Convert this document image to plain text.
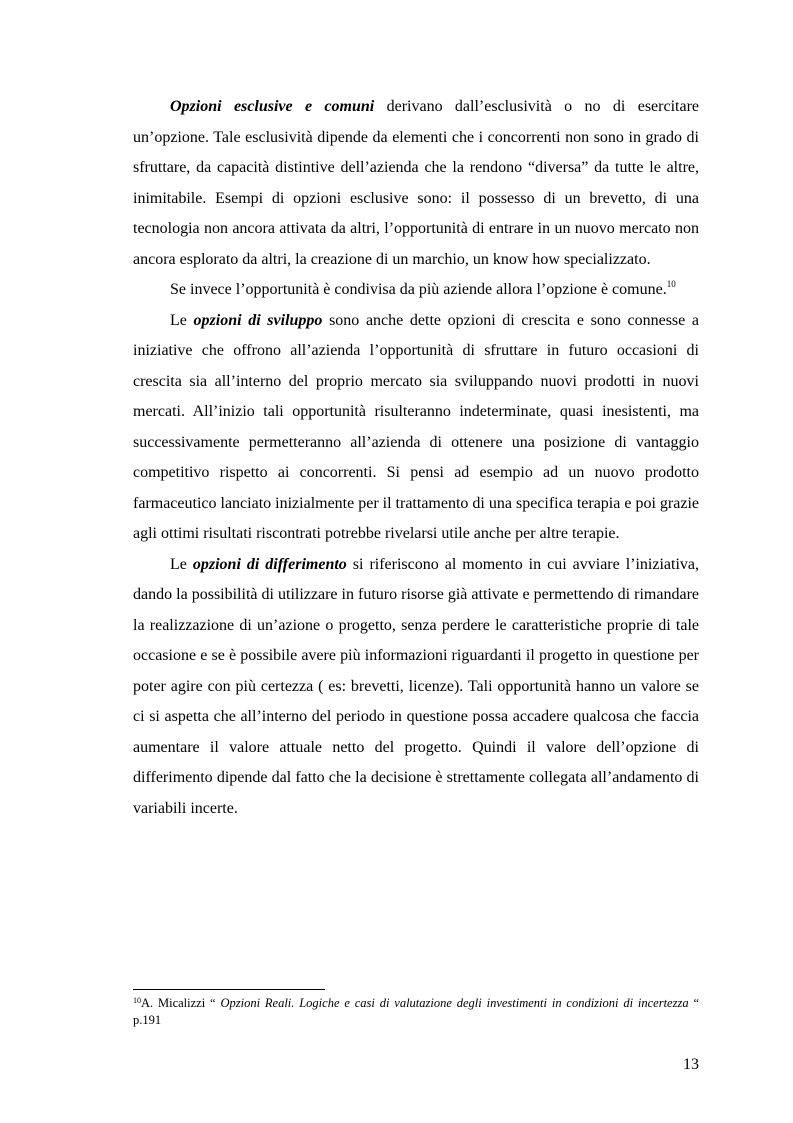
Opzioni esclusive e comuni derivano dall’esclusività o no di esercitare un’opzione. Tale esclusività dipende da elementi che i concorrenti non sono in grado di sfruttare, da capacità distintive dell’azienda che la rendono “diversa” da tutte le altre, inimitabile. Esempi di opzioni esclusive sono: il possesso di un brevetto, di una tecnologia non ancora attivata da altri, l’opportunità di entrare in un nuovo mercato non ancora esplorato da altri, la creazione di un marchio, un know how specializzato.

Se invece l’opportunità è condivisa da più aziende allora l’opzione è comune.$^{10}$

Le opzioni di sviluppo sono anche dette opzioni di crescita e sono connesse a iniziative che offrono all’azienda l’opportunità di sfruttare in futuro occasioni di crescita sia all’interno del proprio mercato sia sviluppando nuovi prodotti in nuovi mercati. All’inizio tali opportunità risulteranno indeterminate, quasi inesistenti, ma successivamente permetteranno all’azienda di ottenere una posizione di vantaggio competitivo rispetto ai concorrenti. Si pensi ad esempio ad un nuovo prodotto farmaceutico lanciato inizialmente per il trattamento di una specifica terapia e poi grazie agli ottimi risultati riscontrati potrebbe rivelarsi utile anche per altre terapie.

Le opzioni di differimento si riferiscono al momento in cui avviare l’iniziativa, dando la possibilità di utilizzare in futuro risorse già attivate e permettendo di rimandare la realizzazione di un’azione o progetto, senza perdere le caratteristiche proprie di tale occasione e se è possibile avere più informazioni riguardanti il progetto in questione per poter agire con più certezza ( es: brevetti, licenze). Tali opportunità hanno un valore se ci si aspetta che all’interno del periodo in questione possa accadere qualcosa che faccia aumentare il valore attuale netto del progetto. Quindi il valore dell’opzione di differimento dipende dal fatto che la decisione è strettamente collegata all’andamento di variabili incerte.

$^{10}$A. Micalizzi “ Opzioni Reali. Logiche e casi di valutazione degli investimenti in condizioni di incertezza “ p.191
13
